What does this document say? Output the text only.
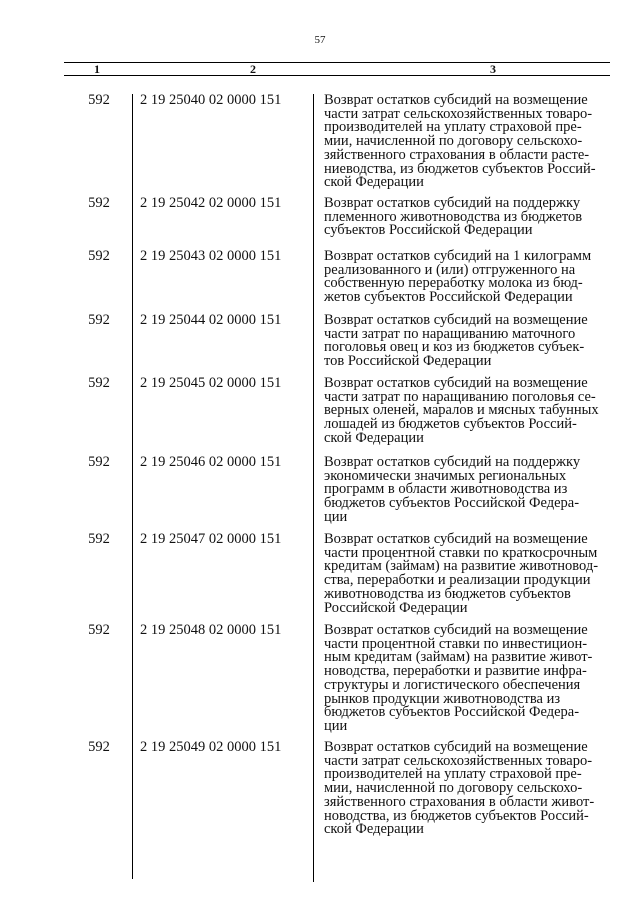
57
1	2	3
592	2 19 25040 02 0000 151	Возврат остатков субсидий на возмещение
части затрат сельскохозяйственных товаро-
производителей на уплату страховой пре-
мии, начисленной по договору сельскохо-
зяйственного страхования в области расте-
ниеводства, из бюджетов субъектов Россий-
ской Федерации
592	2 19 25042 02 0000 151	Возврат остатков субсидий на поддержку
племенного животноводства из бюджетов
субъектов Российской Федерации
592	2 19 25043 02 0000 151	Возврат остатков субсидий на 1 килограмм
реализованного и (или) отгруженного на
собственную переработку молока из бюд-
жетов субъектов Российской Федерации
592	2 19 25044 02 0000 151	Возврат остатков субсидий на возмещение
части затрат по наращиванию маточного
поголовья овец и коз из бюджетов субъек-
тов Российской Федерации
592	2 19 25045 02 0000 151	Возврат остатков субсидий на возмещение
части затрат по наращиванию поголовья се-
верных оленей, маралов и мясных табунных
лошадей из бюджетов субъектов Россий-
ской Федерации
592	2 19 25046 02 0000 151	Возврат остатков субсидий на поддержку
экономически значимых региональных
программ в области животноводства из
бюджетов субъектов Российской Федера-
ции
592	2 19 25047 02 0000 151	Возврат остатков субсидий на возмещение
части процентной ставки по краткосрочным
кредитам (займам) на развитие животновод-
ства, переработки и реализации продукции
животноводства из бюджетов субъектов
Российской Федерации
592	2 19 25048 02 0000 151	Возврат остатков субсидий на возмещение
части процентной ставки по инвестицион-
ным кредитам (займам) на развитие живот-
новодства, переработки и развитие инфра-
структуры и логистического обеспечения
рынков продукции животноводства из
бюджетов субъектов Российской Федера-
ции
592	2 19 25049 02 0000 151	Возврат остатков субсидий на возмещение
части затрат сельскохозяйственных товаро-
производителей на уплату страховой пре-
мии, начисленной по договору сельскохо-
зяйственного страхования в области живот-
новодства, из бюджетов субъектов Россий-
ской Федерации
